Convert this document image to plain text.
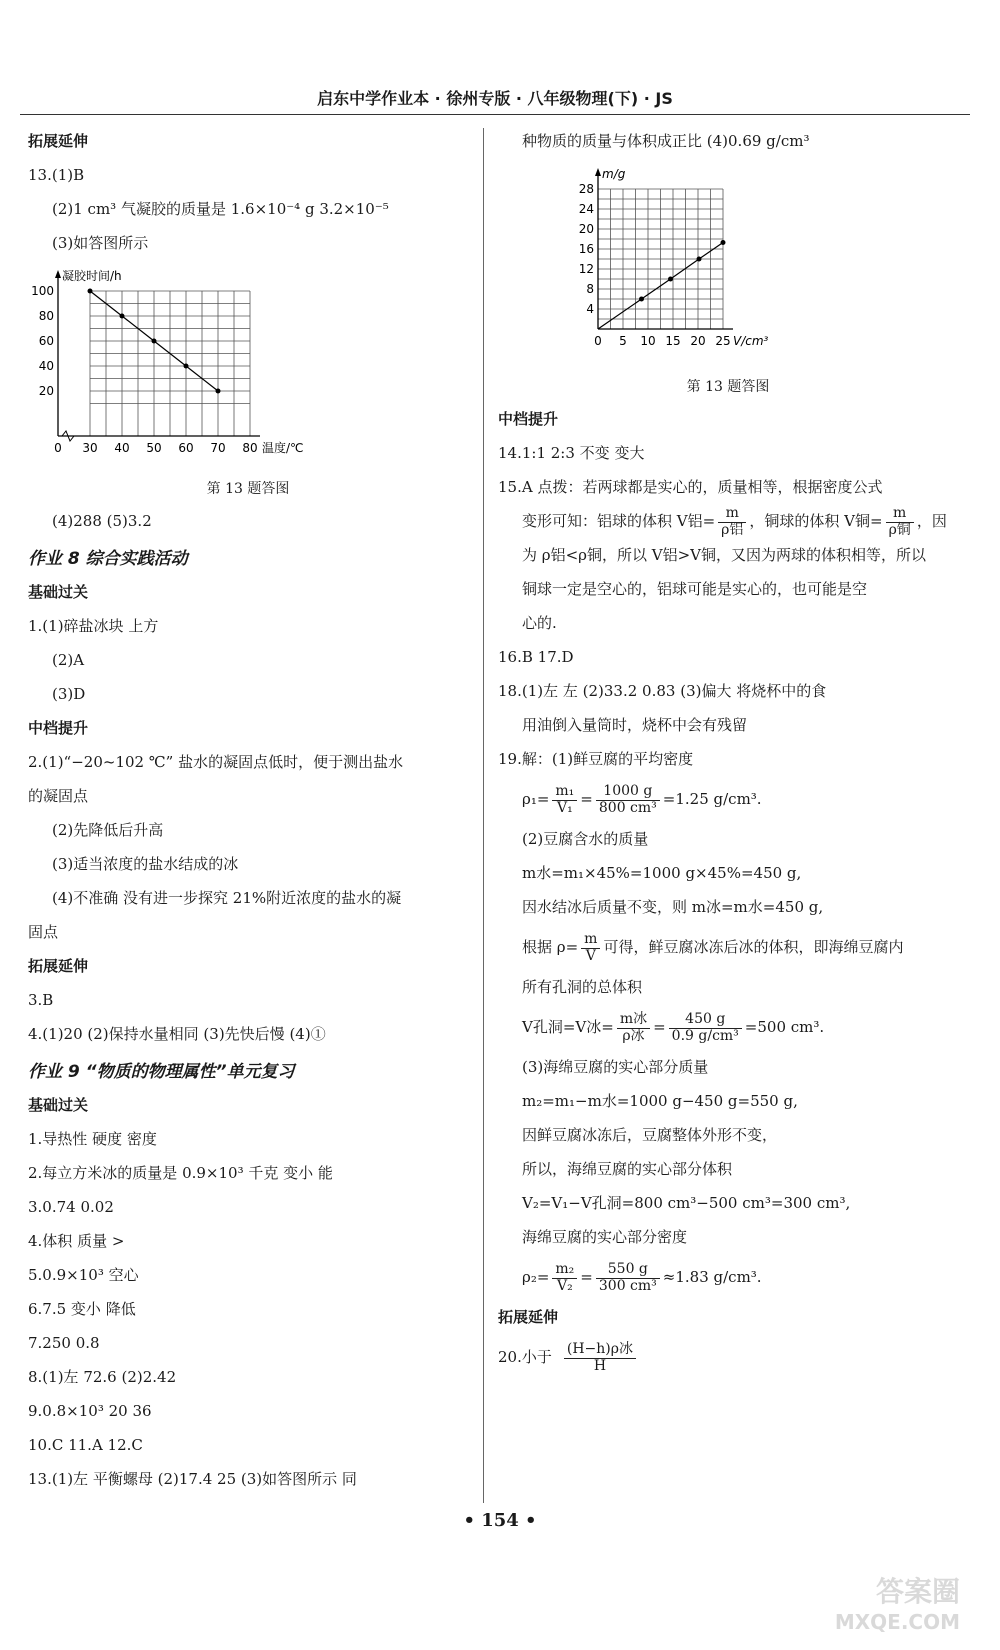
启东中学作业本 · 徐州专版 · 八年级物理(下) · JS
拓展延伸
13.(1)B
(2)1 cm³ 气凝胶的质量是 1.6×10⁻⁴ g 3.2×10⁻⁵
(3)如答图所示
20
40
60
80
100
0 30 40 50 60 70 80 温度/℃
凝胶时间/h
第 13 题答图
(4)288 (5)3.2
作业 8 综合实践活动
基础过关
1.(1)碎盐冰块 上方
(2)A
(3)D
中档提升
2.(1)“−20~102 ℃” 盐水的凝固点低时，便于测出盐水
的凝固点
(2)先降低后升高
(3)适当浓度的盐水结成的冰
(4)不准确 没有进一步探究 21%附近浓度的盐水的凝
固点
拓展延伸
3.B
4.(1)20 (2)保持水量相同 (3)先快后慢 (4)①
作业 9 “物质的物理属性”单元复习
基础过关
1.导热性 硬度 密度
2.每立方米冰的质量是 0.9×10³ 千克 变小 能
3.0.74 0.02
4.体积 质量 >
5.0.9×10³ 空心
6.7.5 变小 降低
7.250 0.8
8.(1)左 72.6 (2)2.42
9.0.8×10³ 20 36
10.C 11.A 12.C
13.(1)左 平衡螺母 (2)17.4 25 (3)如答图所示 同
种物质的质量与体积成正比 (4)0.69 g/cm³
4
8
12
16
20
24
28
0 5 10 15 20 25 V/cm³
m/g
第 13 题答图
中档提升
14.1:1 2:3 不变 变大
15.A 点拨：若两球都是实心的，质量相等，根据密度公式
变形可知：铝球的体积 V铝= $\frac{m}{\text{ρ铝}}$ ，铜球的体积 V铜= $\frac{m}{\text{ρ铜}}$ ，因
为 ρ铝<ρ铜，所以 V铝>V铜，又因为两球的体积相等，所以
铜球一定是空心的，铝球可能是实心的，也可能是空
心的.
16.B 17.D
18.(1)左 左 (2)33.2 0.83 (3)偏大 将烧杯中的食
用油倒入量筒时，烧杯中会有残留
19.解：(1)鲜豆腐的平均密度
$\rho_1= \frac{\text{m₁}}{\text{V₁}} = \frac{1000 g}{\text{800 cm³}} =1.25$ g/cm³.
(2)豆腐含水的质量
m水=m₁×45%=1000 g×45%=450 g,
因水结冰后质量不变，则 m冰=m水=450 g,
根据 $\rho= \frac{m}{V}$ 可得，鲜豆腐冰冻后冰的体积，即海绵豆腐内
所有孔洞的总体积
V孔洞=V冰= $\frac{\text{m冰}}{\text{ρ冰}} = \frac{450 g}{\text{0.9 g/cm³}} =500$ cm³.
(3)海绵豆腐的实心部分质量
m₂=m₁−m水=1000 g−450 g=550 g,
因鲜豆腐冰冻后，豆腐整体外形不变，
所以，海绵豆腐的实心部分体积
V₂=V₁−V孔洞=800 cm³−500 cm³=300 cm³,
海绵豆腐的实心部分密度
$\rho_2= \frac{\text{m₂}}{\text{V₂}} = \frac{550 g}{\text{300 cm³}} \approx 1.83$ g/cm³.
拓展延伸
20.小于 $\frac{\text{(H−h)ρ冰}}{H}$
• 154 •
答案圈
MXQE.COM
